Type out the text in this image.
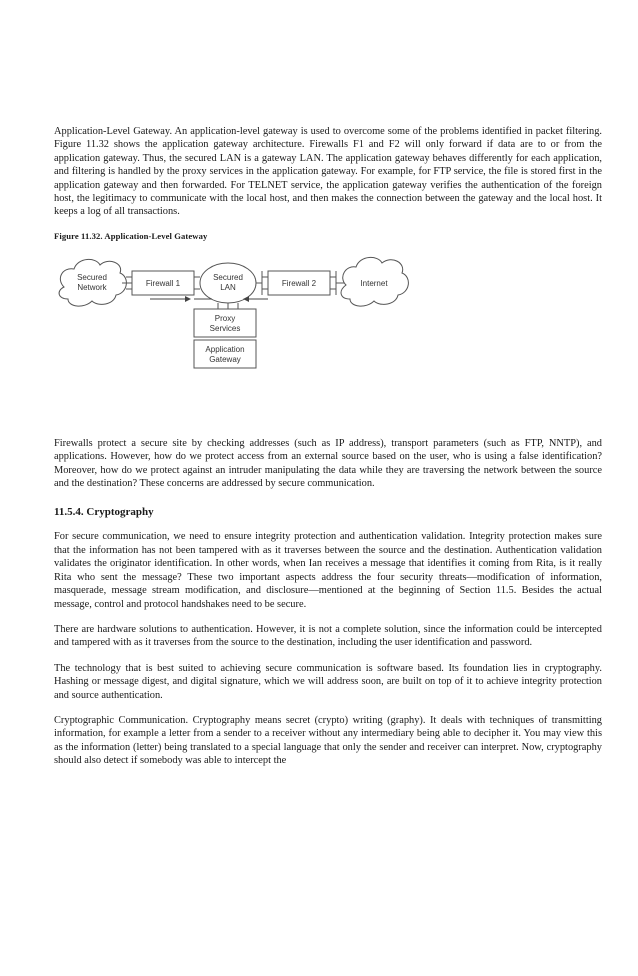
Application-Level Gateway. An application-level gateway is used to overcome some of the problems identified in packet filtering. Figure 11.32 shows the application gateway architecture. Firewalls F1 and F2 will only forward if data are to or from the application gateway. Thus, the secured LAN is a gateway LAN. The application gateway behaves differently for each application, and filtering is handled by the proxy services in the application gateway. For example, for FTP service, the file is stored first in the application gateway and then forwarded. For TELNET service, the application gateway verifies the authentication of the foreign host, the legitimacy to communicate with the local host, and then makes the connection between the gateway and the local host. It keeps a log of all transactions.

Figure 11.32. Application-Level Gateway
Secured
Network	Firewall 1
Secured
LAN	Firewall 2	Internet
Proxy
Services
Application
Gateway

Firewalls protect a secure site by checking addresses (such as IP address), transport parameters (such as FTP, NNTP), and applications. However, how do we protect access from an external source based on the user, who is using a false identification? Moreover, how do we protect against an intruder manipulating the data while they are traversing the network between the source and the destination? These concerns are addressed by secure communication.

11.5.4. Cryptography

For secure communication, we need to ensure integrity protection and authentication validation. Integrity protection makes sure that the information has not been tampered with as it traverses between the source and the destination. Authentication validation validates the originator identification. In other words, when Ian receives a message that identifies it coming from Rita, is it really Rita who sent the message? These two important aspects address the four security threats—modification of information, masquerade, message stream modification, and disclosure—mentioned at the beginning of Section 11.5. Besides the actual message, control and protocol handshakes need to be secure.

There are hardware solutions to authentication. However, it is not a complete solution, since the information could be intercepted and tampered with as it traverses from the source to the destination, including the user identification and password.

The technology that is best suited to achieving secure communication is software based. Its foundation lies in cryptography. Hashing or message digest, and digital signature, which we will address soon, are built on top of it to achieve integrity protection and source authentication.

Cryptographic Communication. Cryptography means secret (crypto) writing (graphy). It deals with techniques of transmitting information, for example a letter from a sender to a receiver without any intermediary being able to decipher it. You may view this as the information (letter) being translated to a special language that only the sender and receiver can interpret. Now, cryptography should also detect if somebody was able to intercept the
